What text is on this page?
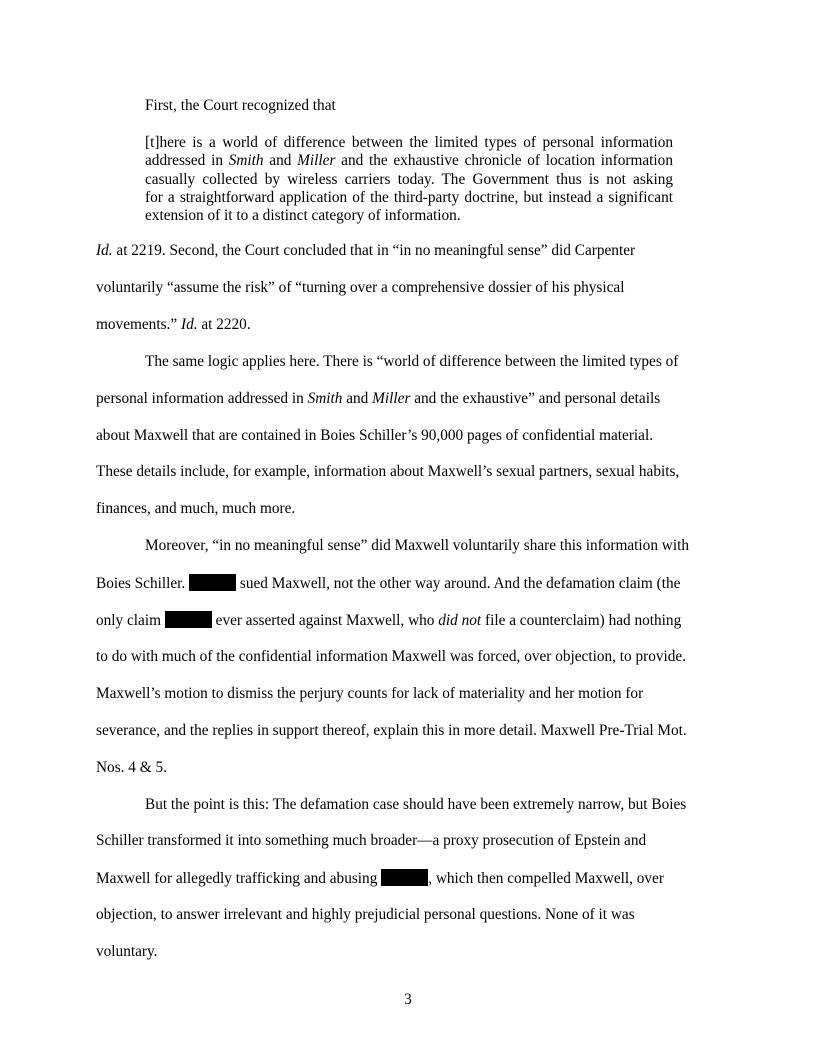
First, the Court recognized that
[t]here is a world of difference between the limited types of personal information
addressed in Smith and Miller and the exhaustive chronicle of location information
casually collected by wireless carriers today. The Government thus is not asking
for a straightforward application of the third-party doctrine, but instead a significant
extension of it to a distinct category of information.
Id. at 2219. Second, the Court concluded that in “in no meaningful sense” did Carpenter
voluntarily “assume the risk” of “turning over a comprehensive dossier of his physical
movements.” Id. at 2220.
The same logic applies here. There is “world of difference between the limited types of
personal information addressed in Smith and Miller and the exhaustive” and personal details
about Maxwell that are contained in Boies Schiller’s 90,000 pages of confidential material.
These details include, for example, information about Maxwell’s sexual partners, sexual habits,
finances, and much, much more.
Moreover, “in no meaningful sense” did Maxwell voluntarily share this information with
Boies Schiller.	sued Maxwell, not the other way around. And the defamation claim (the
only claim	ever asserted against Maxwell, who did not file a counterclaim) had nothing
to do with much of the confidential information Maxwell was forced, over objection, to provide.
Maxwell’s motion to dismiss the perjury counts for lack of materiality and her motion for
severance, and the replies in support thereof, explain this in more detail. Maxwell Pre-Trial Mot.
Nos. 4 & 5.
But the point is this: The defamation case should have been extremely narrow, but Boies
Schiller transformed it into something much broader—a proxy prosecution of Epstein and
Maxwell for allegedly trafficking and abusing	, which then compelled Maxwell, over
objection, to answer irrelevant and highly prejudicial personal questions. None of it was
voluntary.
3
